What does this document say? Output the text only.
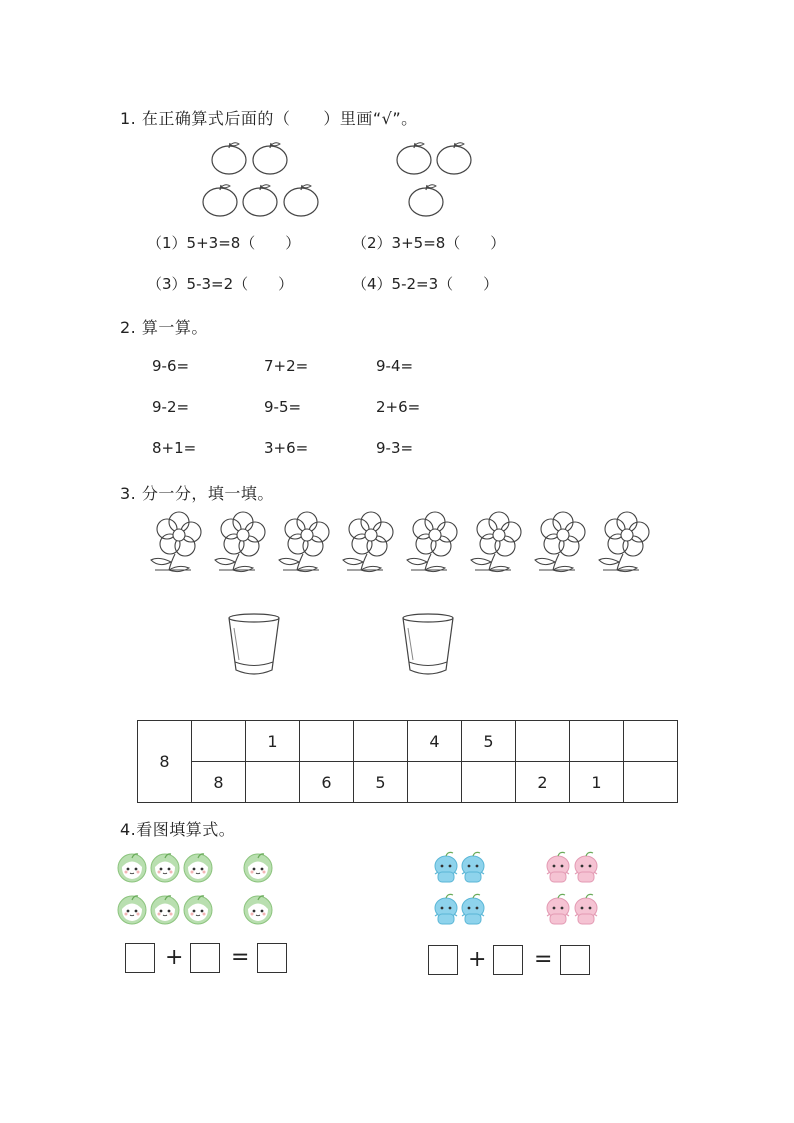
1. 在正确算式后面的（　　）里画“√”。
（1）5+3=8（　　）	（2）3+5=8（　　）
（3）5-3=2（　　）	（4）5-2=3（　　）
2. 算一算。
9-6=	7+2=	9-4=
9-2=	9-5=	2+6=
8+1=	3+6=	9-3=
3. 分一分，填一填。
8		1			4	5			
	8		6	5			2	1	
4.看图填算式。
+ =	+ =
